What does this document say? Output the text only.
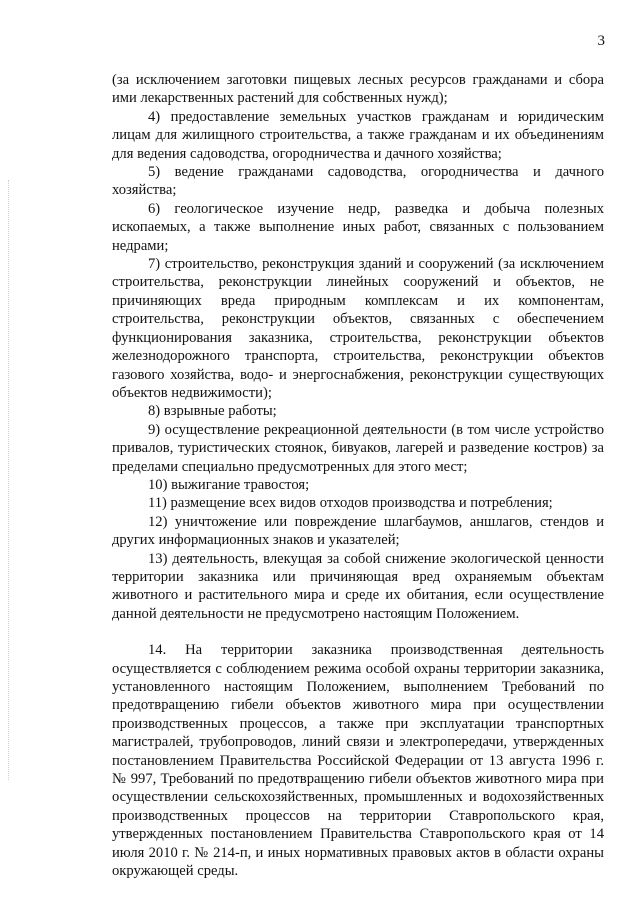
3

(за исключением заготовки пищевых лесных ресурсов гражданами и сбора ими лекарственных растений для собственных нужд);

4) предоставление земельных участков гражданам и юридическим лицам для жилищного строительства, а также гражданам и их объединениям для ведения садоводства, огородничества и дачного хозяйства;

5) ведение гражданами садоводства, огородничества и дачного хозяйства;

6) геологическое изучение недр, разведка и добыча полезных ископаемых, а также выполнение иных работ, связанных с пользованием недрами;

7) строительство, реконструкция зданий и сооружений (за исключением строительства, реконструкции линейных сооружений и объектов, не причиняющих вреда природным комплексам и их компонентам, строительства, реконструкции объектов, связанных с обеспечением функционирования заказника, строительства, реконструкции объектов железнодорожного транспорта, строительства, реконструкции объектов газового хозяйства, водо- и энергоснабжения, реконструкции существующих объектов недвижимости);

8) взрывные работы;

9) осуществление рекреационной деятельности (в том числе устройство привалов, туристических стоянок, бивуаков, лагерей и разведение костров) за пределами специально предусмотренных для этого мест;

10) выжигание травостоя;

11) размещение всех видов отходов производства и потребления;

12) уничтожение или повреждение шлагбаумов, аншлагов, стендов и других информационных знаков и указателей;

13) деятельность, влекущая за собой снижение экологической ценности территории заказника или причиняющая вред охраняемым объектам животного и растительного мира и среде их обитания, если осуществление данной деятельности не предусмотрено настоящим Положением.

14. На территории заказника производственная деятельность осуществляется с соблюдением режима особой охраны территории заказника, установленного настоящим Положением, выполнением Требований по предотвращению гибели объектов животного мира при осуществлении производственных процессов, а также при эксплуатации транспортных магистралей, трубопроводов, линий связи и электропередачи, утвержденных постановлением Правительства Российской Федерации от 13 августа 1996 г. № 997, Требований по предотвращению гибели объектов животного мира при осуществлении сельскохозяйственных, промышленных и водохозяйственных производственных процессов на территории Ставропольского края, утвержденных постановлением Правительства Ставропольского края от 14 июля 2010 г. № 214-п, и иных нормативных правовых актов в области охраны окружающей среды.
